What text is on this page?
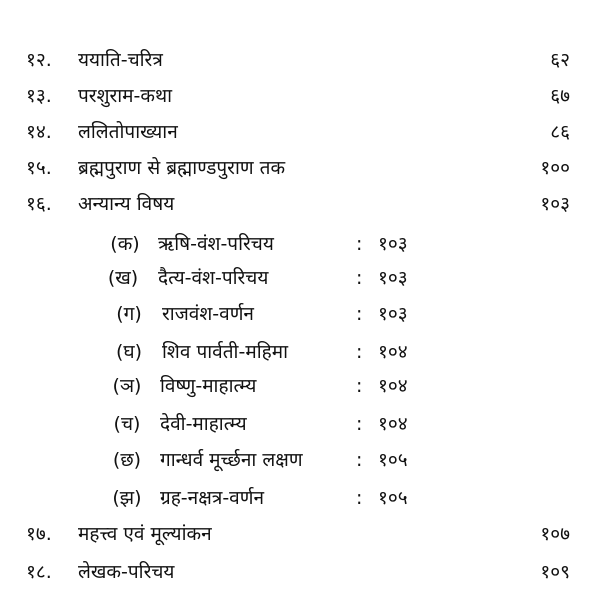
१२. ययाति-चरित्र	६२
१३. परशुराम-कथा	६७
१४. ललितोपाख्यान	८६
१५. ब्रह्मपुराण से ब्रह्माण्डपुराण तक	१००
१६. अन्यान्य विषय	१०३
(क) ऋषि-वंश-परिचय	: १०३
(ख)	दैत्य-वंश-परिचय	: १०३
(ग)	राजवंश-वर्णन	: १०३
(घ)	शिव पार्वती-महिमा	: १०४
(ञ) विष्णु-माहात्म्य	: १०४
(च)	देवी-माहात्म्य	: १०४
(छ) गान्धर्व मूर्च्छना लक्षण	: १०५
(झ) ग्रह-नक्षत्र-वर्णन	: १०५
१७. महत्त्व एवं मूल्यांकन	१०७
१८. लेखक-परिचय	१०९
